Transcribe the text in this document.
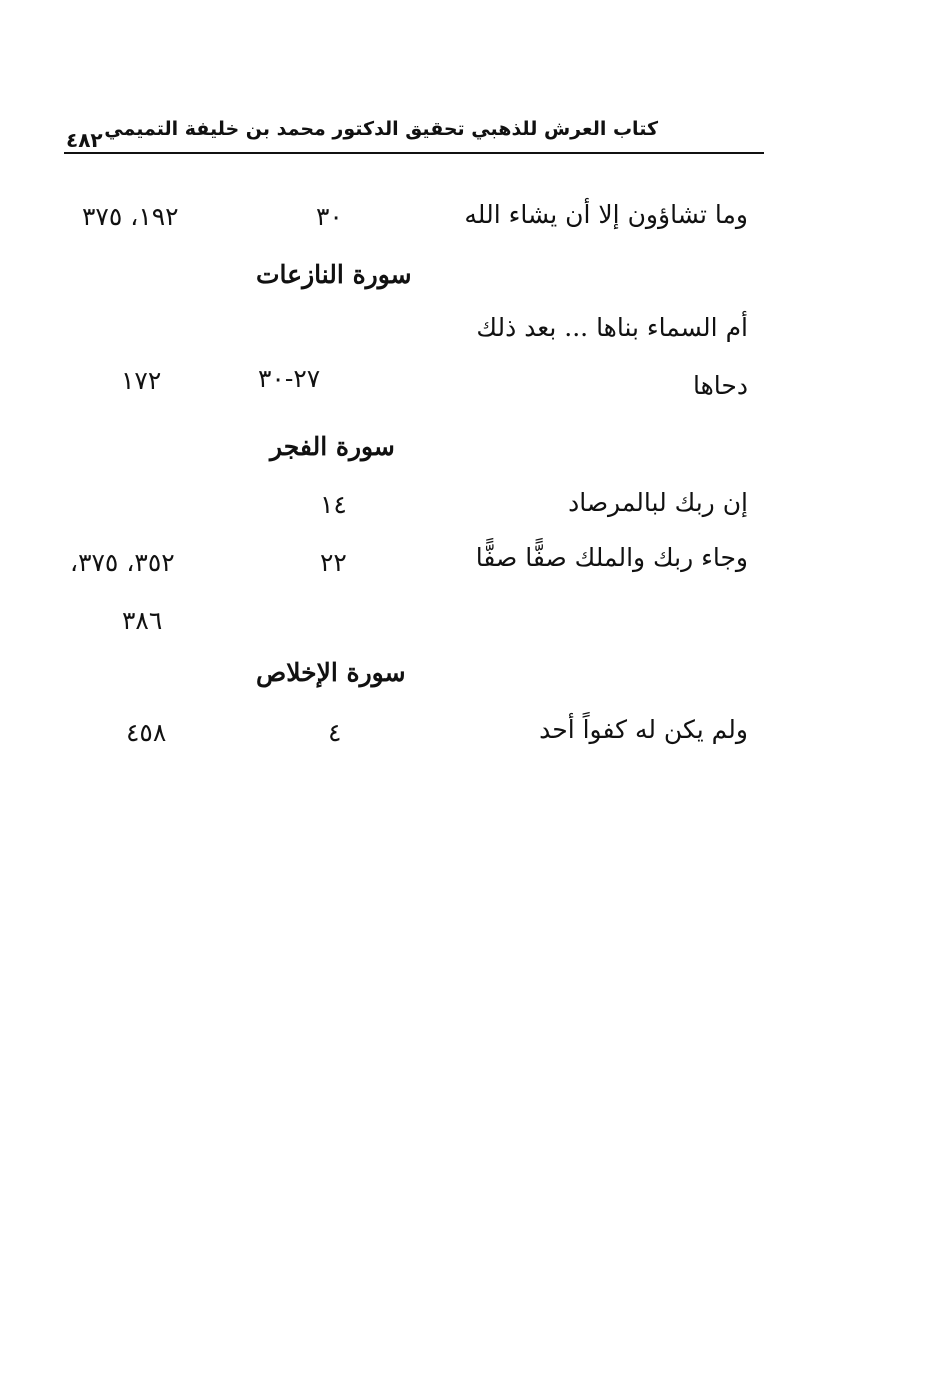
كتاب العرش للذهبي تحقيق الدكتور محمد بن خليفة التميمي
٤٨٢
وما تشاؤون إلا أن يشاء الله
٣٠
١٩٢، ٣٧٥
سورة النازعات
أم السماء بناها ... بعد ذلك
دحاها
٢٧-٣٠
١٧٢
سورة الفجر
إن ربك لبالمرصاد
١٤
وجاء ربك والملك صفًّا صفًّا
٢٢
٣٥٢، ٣٧٥،
٣٨٦
سورة الإخلاص
ولم يكن له كفواً أحد
٤
٤٥٨
